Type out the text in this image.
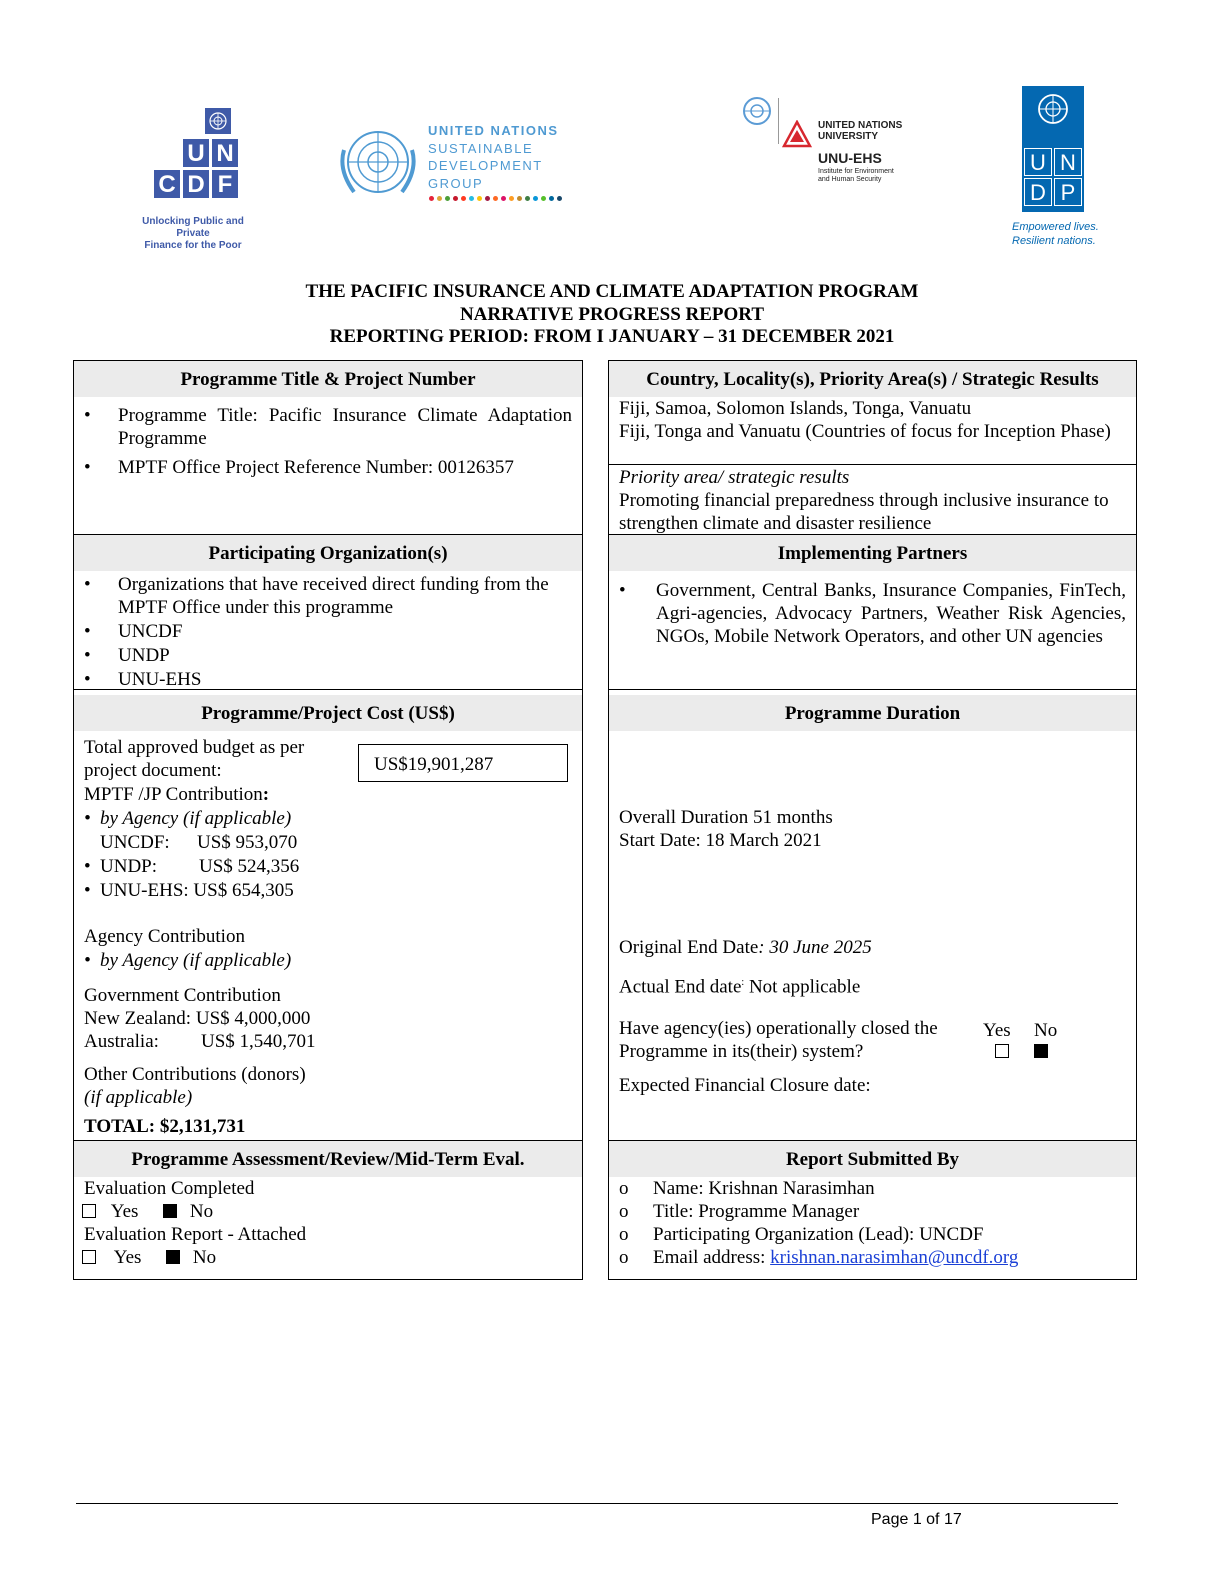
U N
C D F
Unlocking Public and Private
Finance for the Poor
UNITED NATIONS
SUSTAINABLE
DEVELOPMENT
GROUP
UNITED NATIONS
UNIVERSITY
UNU-EHS
Institute for Environment
and Human Security
U N
D P
Empowered lives.
Resilient nations.
THE PACIFIC INSURANCE AND CLIMATE ADAPTATION PROGRAM
NARRATIVE PROGRESS REPORT
REPORTING PERIOD: FROM I JANUARY – 31 DECEMBER 2021
Programme Title & Project Number
• Programme Title: Pacific Insurance Climate Adaptation Programme
• MPTF Office Project Reference Number: 00126357
Participating Organization(s)
• Organizations that have received direct funding from the MPTF Office under this programme
• UNCDF
• UNDP
• UNU-EHS
Programme/Project Cost (US$)
Total approved budget as per
project document:	US$19,901,287
MPTF /JP Contribution:
• by Agency (if applicable)
UNCDF: US$ 953,070
• UNDP: US$ 524,356
• UNU-EHS: US$ 654,305
Agency Contribution
• by Agency (if applicable)
Government Contribution
New Zealand: US$ 4,000,000
Australia: US$ 1,540,701
Other Contributions (donors)
(if applicable)
TOTAL: $2,131,731
Programme Assessment/Review/Mid-Term Eval.
Evaluation Completed
Yes	No
Evaluation Report - Attached
Yes	No
Country, Locality(s), Priority Area(s) / Strategic Results
Fiji, Samoa, Solomon Islands, Tonga, Vanuatu
Fiji, Tonga and Vanuatu (Countries of focus for Inception Phase)
Priority area/ strategic results
Promoting financial preparedness through inclusive insurance to strengthen climate and disaster resilience
Implementing Partners
• Government, Central Banks, Insurance Companies, FinTech, Agri-agencies, Advocacy Partners, Weather Risk Agencies, NGOs, Mobile Network Operators, and other UN agencies
Programme Duration
Overall Duration 51 months
Start Date: 18 March 2021
Original End Date: 30 June 2025
Actual End date: Not applicable
Have agency(ies) operationally closed the
Programme in its(their) system?
Yes No
Expected Financial Closure date:
Report Submitted By
o Name: Krishnan Narasimhan
o Title: Programme Manager
o Participating Organization (Lead): UNCDF
o Email address: krishnan.narasimhan@uncdf.org
Page 1 of 17
